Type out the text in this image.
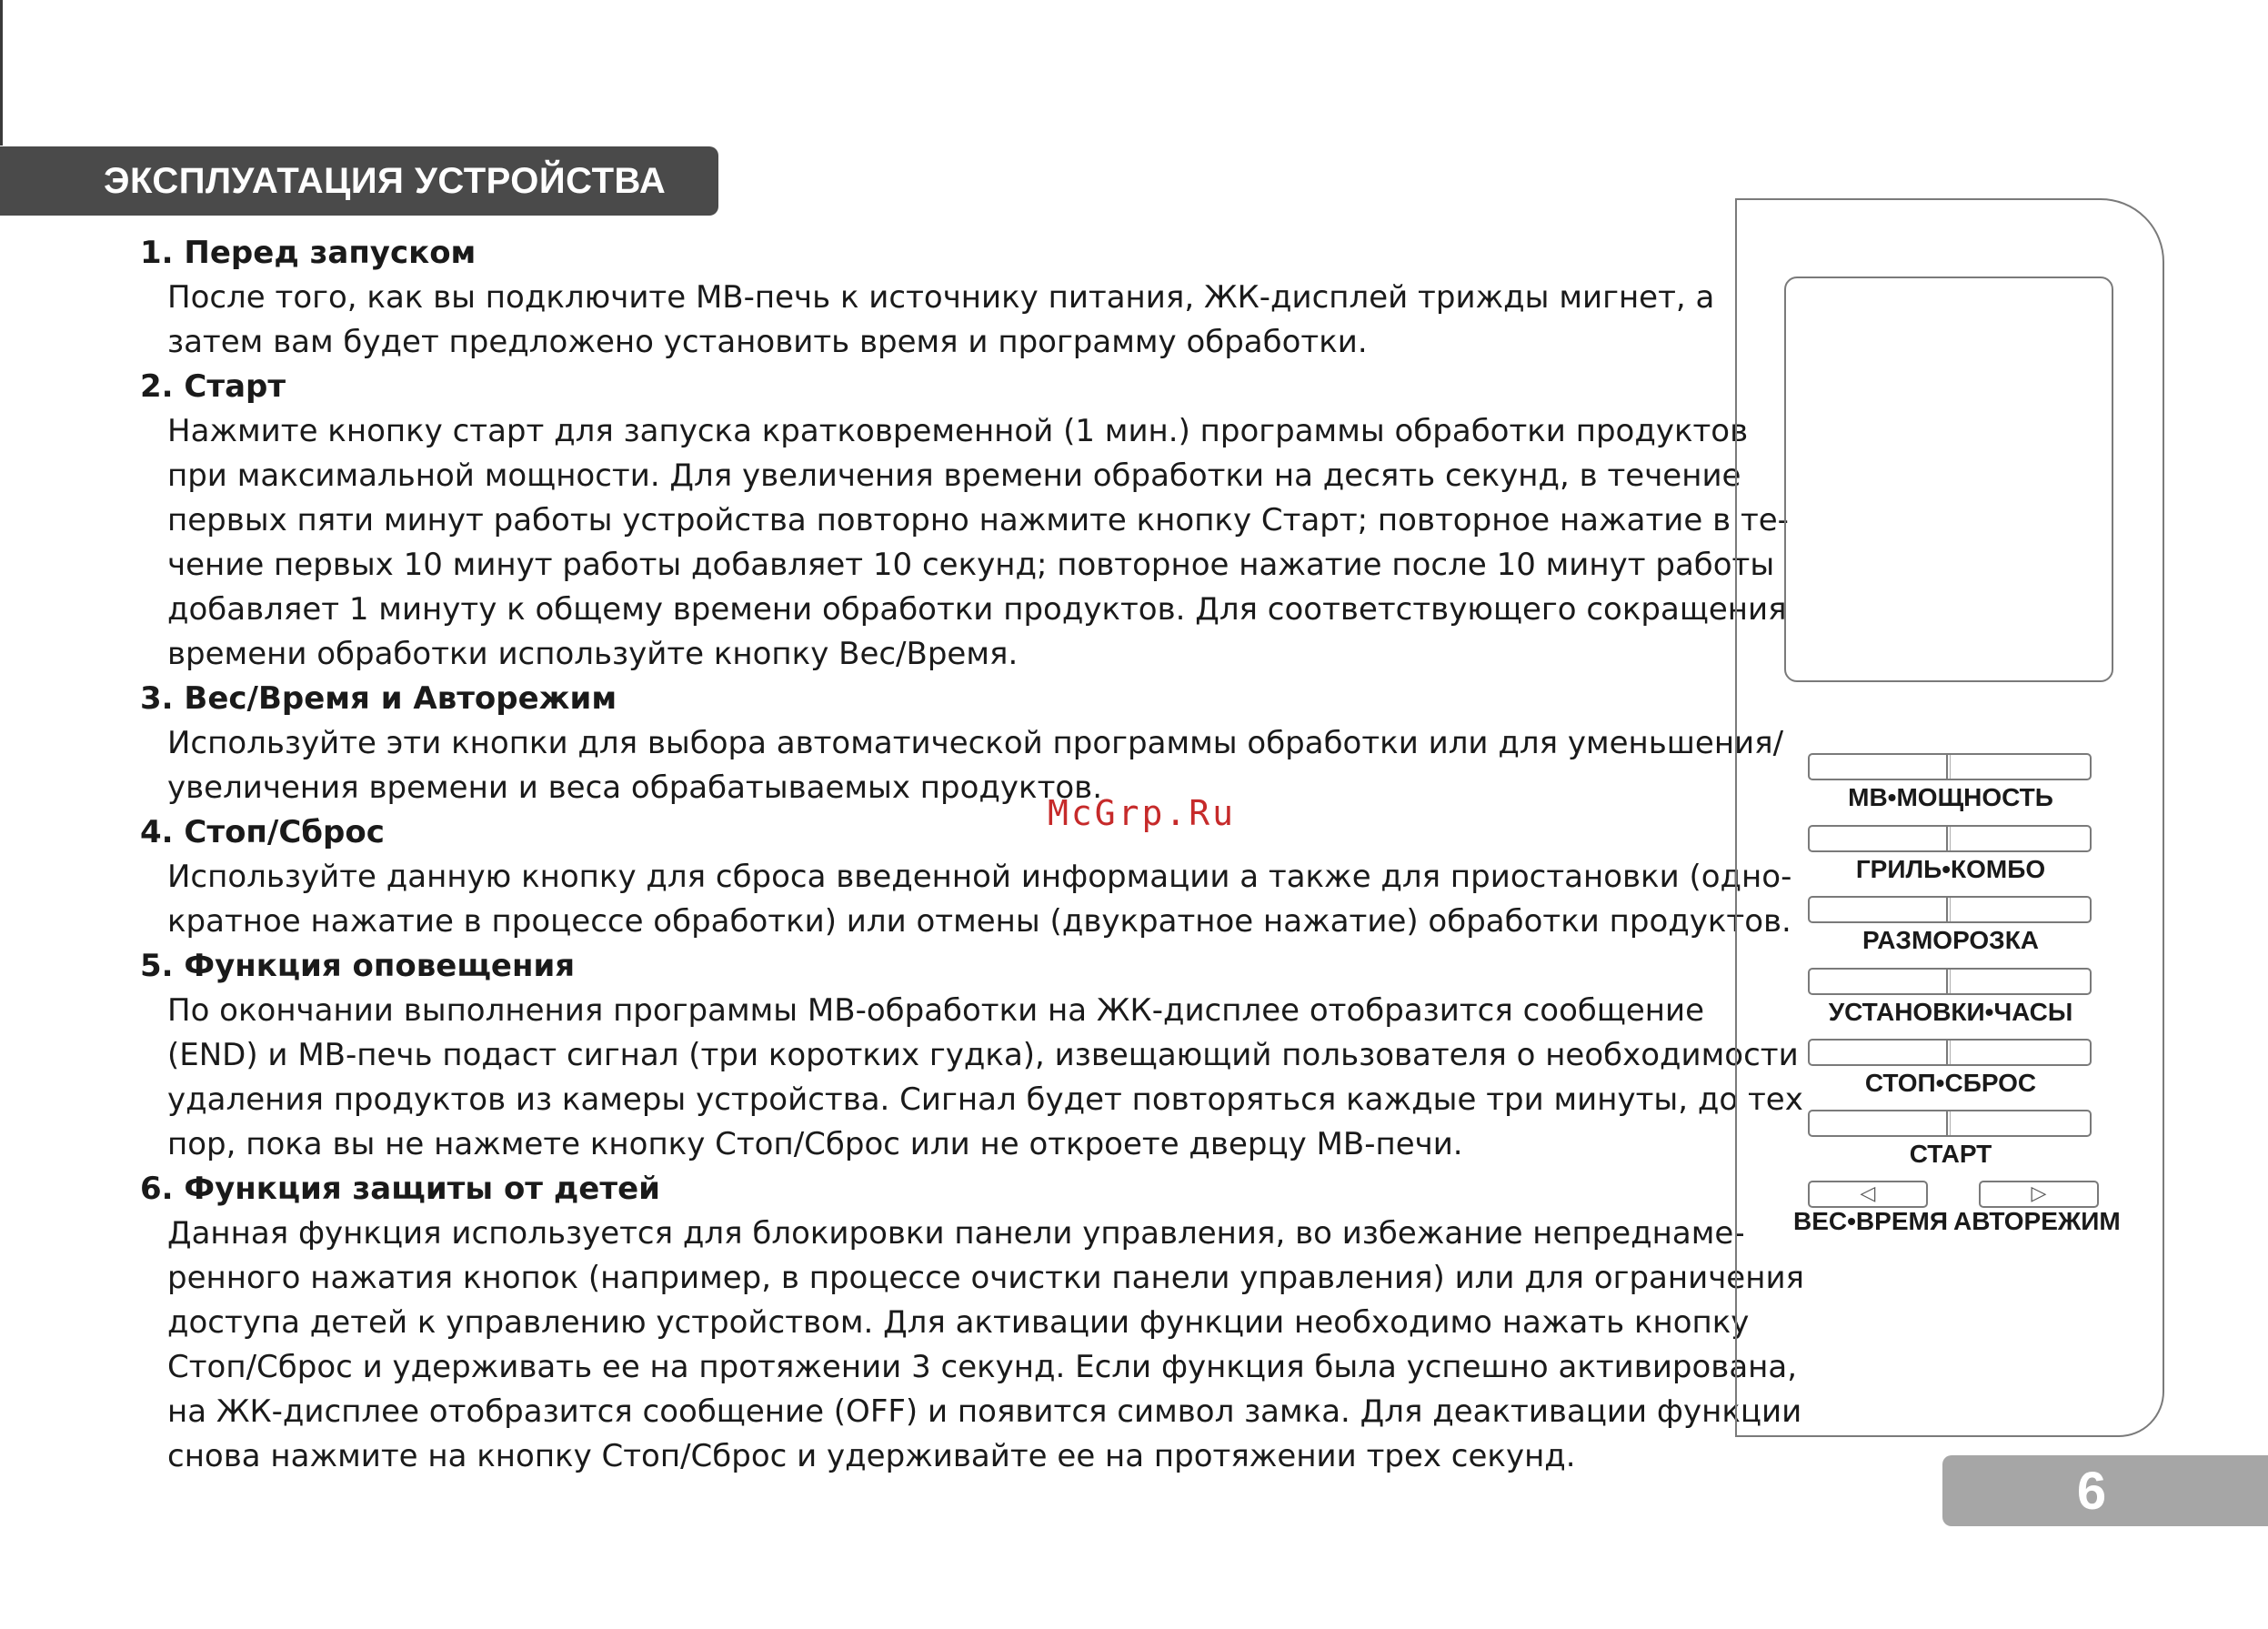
ЭКСПЛУАТАЦИЯ УСТРОЙСТВА

1. Перед запуском

После того, как вы подключите МВ-печь к источнику питания, ЖК-дисплей трижды мигнет, а
затем вам будет предложено установить время и программу обработки.

2. Старт

Нажмите кнопку старт для запуска кратковременной (1 мин.) программы обработки продуктов
при максимальной мощности. Для увеличения времени обработки на десять секунд, в течение
первых пяти минут работы устройства повторно нажмите кнопку Старт; повторное нажатие в те-
чение первых 10 минут работы добавляет 10 секунд; повторное нажатие после 10 минут работы
добавляет 1 минуту к общему времени обработки продуктов. Для соответствующего сокращения
времени обработки используйте кнопку Вес/Время.

3. Вес/Время и Авторежим

Используйте эти кнопки для выбора автоматической программы обработки или для уменьшения/
увеличения времени и веса обрабатываемых продуктов.

4. Стоп/Сброс

Используйте данную кнопку для сброса введенной информации а также для приостановки (одно-
кратное нажатие в процессе обработки) или отмены (двукратное нажатие) обработки продуктов.

5. Функция оповещения

По окончании выполнения программы МВ-обработки на ЖК-дисплее отобразится сообщение
(END) и МВ-печь подаст сигнал (три коротких гудка), извещающий пользователя о необходимости
удаления продуктов из камеры устройства. Сигнал будет повторяться каждые три минуты, до тех
пор, пока вы не нажмете кнопку Стоп/Сброс или не откроете дверцу МВ-печи.

6. Функция защиты от детей

Данная функция используется для блокировки панели управления, во избежание непреднаме-
ренного нажатия кнопок (например, в процессе очистки панели управления) или для ограничения
доступа детей к управлению устройством. Для активации функции необходимо нажать кнопку
Стоп/Сброс и удерживать ее на протяжении 3 секунд. Если функция была успешно активирована,
на ЖК-дисплее отобразится сообщение (OFF) и появится символ замка. Для деактивации функции
снова нажмите на кнопку Стоп/Сброс и удерживайте ее на протяжении трех секунд.

McGrp.Ru	МВ•МОЩНОСТЬ
ГРИЛЬ•КОМБО
РАЗМОРОЗКА
УСТАНОВКИ•ЧАСЫ
СТОП•СБРОС
СТАРТ
◁	▷
ВЕС•ВРЕМЯ АВТОРЕЖИМ
6
